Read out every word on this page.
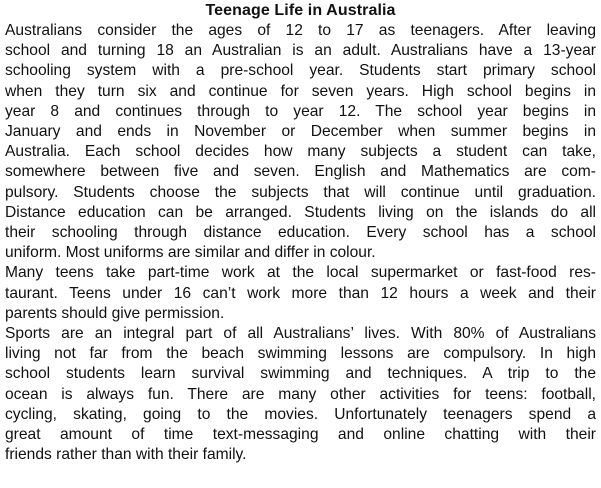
Teenage Life in Australia

Australians consider the ages of 12 to 17 as teenagers. After leaving
school and turning 18 an Australian is an adult. Australians have a 13-year
schooling system with a pre-school year. Students start primary school
when they turn six and continue for seven years. High school begins in
year 8 and continues through to year 12. The school year begins in
January and ends in November or December when summer begins in
Australia. Each school decides how many subjects a student can take,
somewhere between five and seven. English and Mathematics are com-
pulsory. Students choose the subjects that will continue until graduation.
Distance education can be arranged. Students living on the islands do all
their schooling through distance education. Every school has a school
uniform. Most uniforms are similar and differ in colour.

Many teens take part-time work at the local supermarket or fast-food res-
taurant. Teens under 16 can’t work more than 12 hours a week and their
parents should give permission.

Sports are an integral part of all Australians’ lives. With 80% of Australians
living not far from the beach swimming lessons are compulsory. In high
school students learn survival swimming and techniques. A trip to the
ocean is always fun. There are many other activities for teens: football,
cycling, skating, going to the movies. Unfortunately teenagers spend a
great amount of time text-messaging and online chatting with their
friends rather than with their family.
